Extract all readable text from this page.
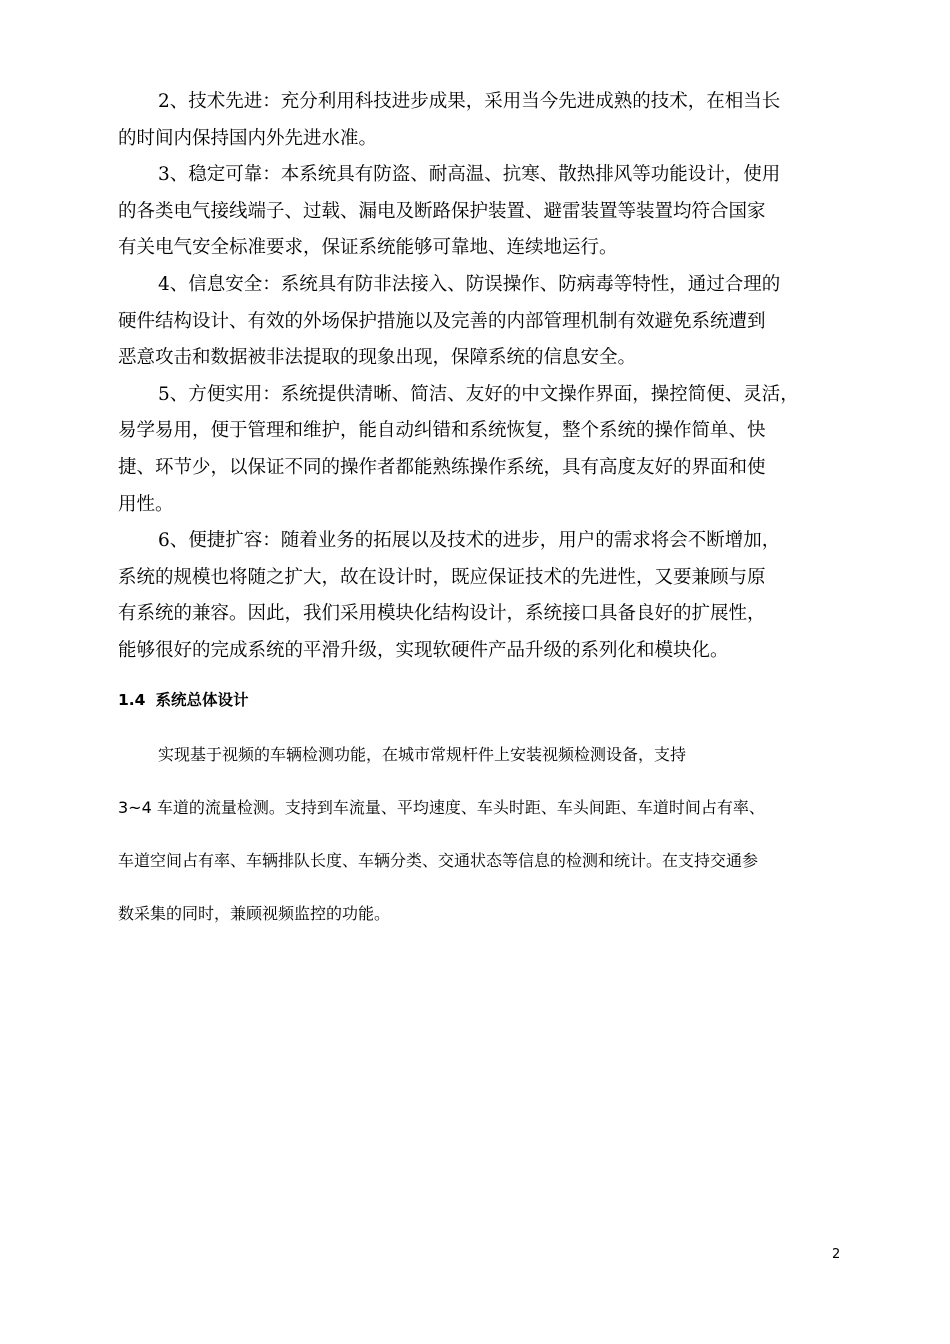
2、技术先进：充分利用科技进步成果，采用当今先进成熟的技术，在相当长
的时间内保持国内外先进水准。
3、稳定可靠：本系统具有防盗、耐高温、抗寒、散热排风等功能设计，使用
的各类电气接线端子、过载、漏电及断路保护装置、避雷装置等装置均符合国家
有关电气安全标准要求，保证系统能够可靠地、连续地运行。
4、信息安全：系统具有防非法接入、防误操作、防病毒等特性，通过合理的
硬件结构设计、有效的外场保护措施以及完善的内部管理机制有效避免系统遭到
恶意攻击和数据被非法提取的现象出现，保障系统的信息安全。
5、方便实用：系统提供清晰、简洁、友好的中文操作界面，操控简便、灵活，
易学易用，便于管理和维护，能自动纠错和系统恢复，整个系统的操作简单、快
捷、环节少，以保证不同的操作者都能熟练操作系统，具有高度友好的界面和使
用性。
6、便捷扩容：随着业务的拓展以及技术的进步，用户的需求将会不断增加，
系统的规模也将随之扩大，故在设计时，既应保证技术的先进性，又要兼顾与原
有系统的兼容。因此，我们采用模块化结构设计，系统接口具备良好的扩展性，
能够很好的完成系统的平滑升级，实现软硬件产品升级的系列化和模块化。
1.4 系统总体设计
实现基于视频的车辆检测功能，在城市常规杆件上安装视频检测设备，支持
3~4 车道的流量检测。支持到车流量、平均速度、车头时距、车头间距、车道时间占有率、
车道空间占有率、车辆排队长度、车辆分类、交通状态等信息的检测和统计。在支持交通参
数采集的同时，兼顾视频监控的功能。
2
